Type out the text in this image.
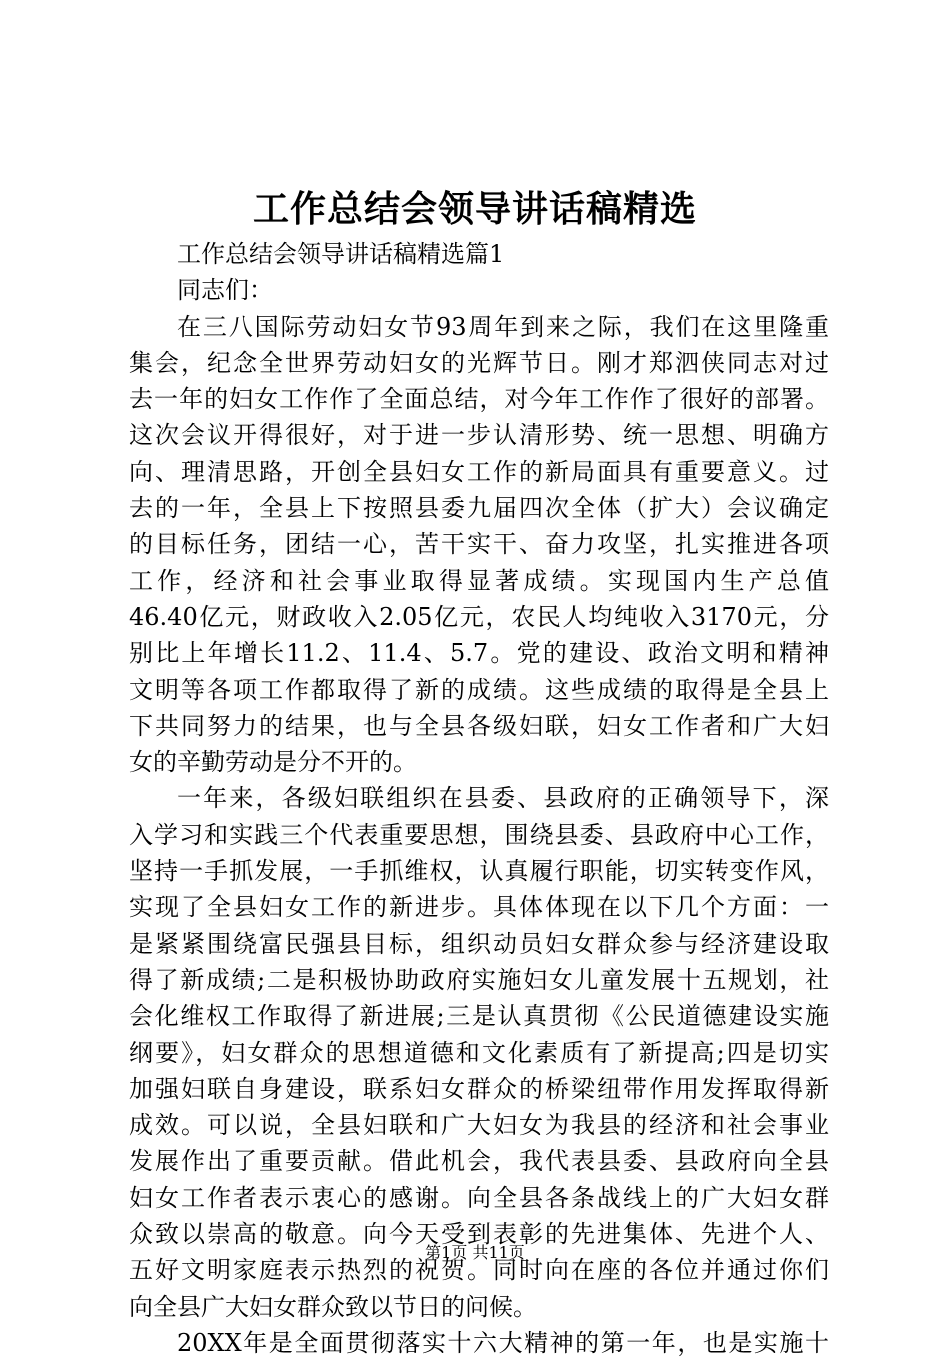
工作总结会领导讲话稿精选
工作总结会领导讲话稿精选篇1
同志们：
在三八国际劳动妇女节93周年到来之际，我们在这里隆重
集会，纪念全世界劳动妇女的光辉节日。刚才郑泗侠同志对过
去一年的妇女工作作了全面总结，对今年工作作了很好的部署。
这次会议开得很好，对于进一步认清形势、统一思想、明确方
向、理清思路，开创全县妇女工作的新局面具有重要意义。过
去的一年，全县上下按照县委九届四次全体（扩大）会议确定
的目标任务，团结一心，苦干实干、奋力攻坚，扎实推进各项
工作，经济和社会事业取得显著成绩。实现国内生产总值
46.40亿元，财政收入2.05亿元，农民人均纯收入3170元，分
别比上年增长11.2、11.4、5.7。党的建设、政治文明和精神
文明等各项工作都取得了新的成绩。这些成绩的取得是全县上
下共同努力的结果，也与全县各级妇联，妇女工作者和广大妇
女的辛勤劳动是分不开的。
一年来，各级妇联组织在县委、县政府的正确领导下，深
入学习和实践三个代表重要思想，围绕县委、县政府中心工作，
坚持一手抓发展，一手抓维权，认真履行职能，切实转变作风，
实现了全县妇女工作的新进步。具体体现在以下几个方面：一
是紧紧围绕富民强县目标，组织动员妇女群众参与经济建设取
得了新成绩;二是积极协助政府实施妇女儿童发展十五规划，社
会化维权工作取得了新进展;三是认真贯彻《公民道德建设实施
纲要》，妇女群众的思想道德和文化素质有了新提高;四是切实
加强妇联自身建设，联系妇女群众的桥梁纽带作用发挥取得新
成效。可以说，全县妇联和广大妇女为我县的经济和社会事业
发展作出了重要贡献。借此机会，我代表县委、县政府向全县
妇女工作者表示衷心的感谢。向全县各条战线上的广大妇女群
众致以崇高的敬意。向今天受到表彰的先进集体、先进个人、
五好文明家庭表示热烈的祝贺。同时向在座的各位并通过你们
向全县广大妇女群众致以节日的问候。
20XX年是全面贯彻落实十六大精神的第一年，也是实施十
第1页 共11页
